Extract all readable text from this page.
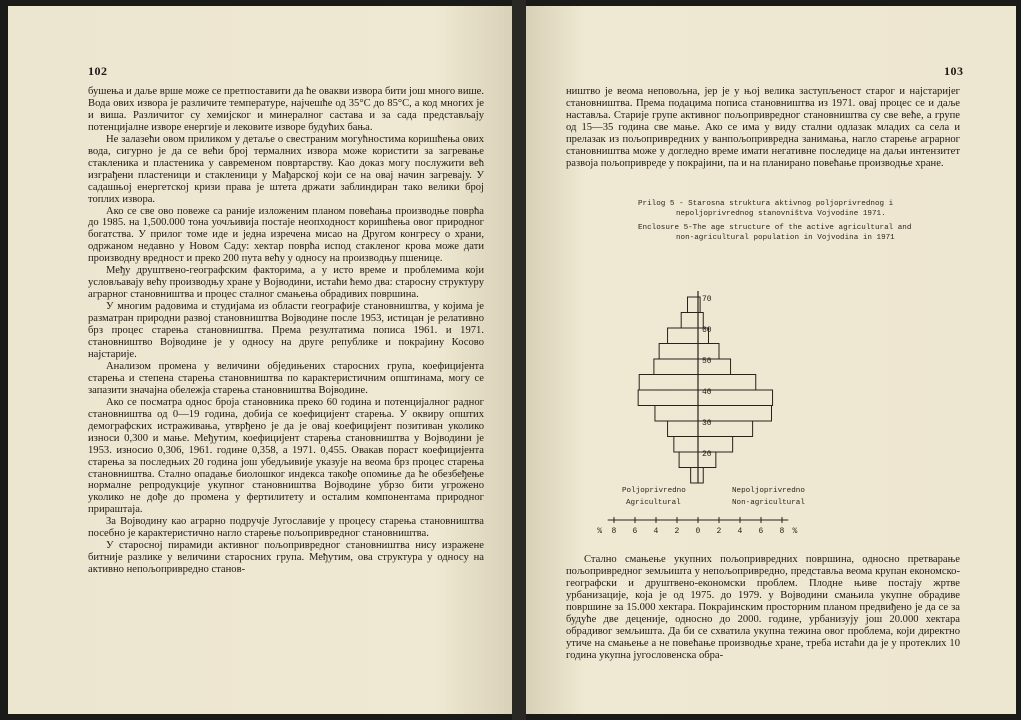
102

бушења и даље врше може се претпоставити да ће овакви извора бити још много више. Вода ових извора је различите температуре, најчешће од 35°C до 85°C, а код многих је и виша. Различитог су хемијског и минералног састава и за сада представљају потенцијалне изворе енергије и лековите изворе будућих бања.

Не залазећи овом приликом у детаље о свестраним могућностима коришћења ових вода, сигурно је да се већи број термалних извора може користити за загревање стакленика и пластеника у савременом повртарству. Као доказ могу послужити већ изграђени пластеници и стакленици у Мађарској који се на овај начин загревају. У садашњој енергетској кризи права је штета држати заблиндиран тако велики број топлих извора.

Ако се све ово повеже са раније изложеним планом повећања производње поврћа до 1985. на 1,500.000 тона уочљивија постаје неопходност коришћења овог природног богатства. У прилог томе иде и једна изречена мисао на Другом конгресу о храни, одржаном недавно у Новом Саду: хектар поврћа испод стакленог крова може дати производну вредност и преко 200 пута већу у односу на производњу пшенице.

Међу друштвено-географским факторима, а у исто време и проблемима који условљавају већу производњу хране у Војводини, истаћи ћемо два: старосну структуру аграрног становништва и процес сталног смањења обрадивих површина.

У многим радовима и студијама из области географије становништва, у којима је разматран природни развој становништва Војводине после 1953, истицан је релативно брз процес старења становништва. Према резултатима пописа 1961. и 1971. становништво Војводине је у односу на друге републике и покрајину Косово најстарије.

Анализом промена у величини обједињених старосних група, коефицијента старења и степена старења становништва по карактеристичним општинама, могу се запазити значајна обележја старења становништва Војводине.

Ако се посматра однос броја становника преко 60 година и потенцијалног радног становништва од 0—19 година, добија се коефицијент старења. У оквиру општих демографских истраживања, утврђено је да је овај коефицијент позитиван уколико износи 0,300 и мање. Међутим, коефицијент старења становништва у Војводини је 1953. износио 0,306, 1961. године 0,358, а 1971. 0,455. Овакав пораст коефицијента старења за последњих 20 година још убедљивије указује на веома брз процес старења становништва. Стално опадање биолошког индекса такође опомиње да ће обезбеђење нормалне репродукције укупног становништва Војводине убрзо бити угрожено уколико не дође до промена у фертилитету и осталим компонентама природног прираштаја.

За Војводину као аграрно подручје Југославије у процесу старења становништва посебно је карактеристично нагло старење пољопривредног становништва.

У старосној пирамиди активног пољопривредног становништва нису изражене битније разлике у величини старосних група. Међутим, ова структура у односу на активно непољопривредно станов-

103

ништво је веома неповољна, јер је у њој велика заступљеност старог и најстаријег становништва. Према подацима пописа становништва из 1971. овај процес се и даље наставља. Старије групе активног пољопривредног становништва су све веће, а групе од 15—35 година све мање. Ако се има у виду стални одлазак младих са села и прелазак из пољопривредних у ванпољопривредна занимања, нагло старење аграрног становништва може у догледно време имати негативне последице на даљи интензитет развоја пољопривреде у покрајини, па и на планирано повећање производње хране.

Prilog 5 - Starosna struktura aktivnog poljoprivrednog i
nepoljoprivrednog stanovništva Vojvodine 1971.
Enclosure 5-The age structure of the active agricultural and
non-agricultural population in Vojvodina in 1971
20
30
40
50
60
70
8 6 4 2 0 2 4 6 8
%	%
Poljoprivredno
Agricultural
Nepoljoprivredno
Non-agricultural

Стално смањење укупних пољопривредних површина, односно претварање пољопривредног земљишта у непољопривредно, представља веома крупан економско-географски и друштвено-економски проблем. Плодне њиве постају жртве урбанизације, која је од 1975. до 1979. у Војводини смањила укупне обрадиве површине за 15.000 хектара. Покрајинским просторним планом предвиђено је да се за будуће две деценије, односно до 2000. године, урбанизују још 20.000 хектара обрадивог земљишта. Да би се схватила укупна тежина овог проблема, који директно утиче на смањење а не повећање производње хране, треба истаћи да је у протеклих 10 година укупна југословенска обра-
